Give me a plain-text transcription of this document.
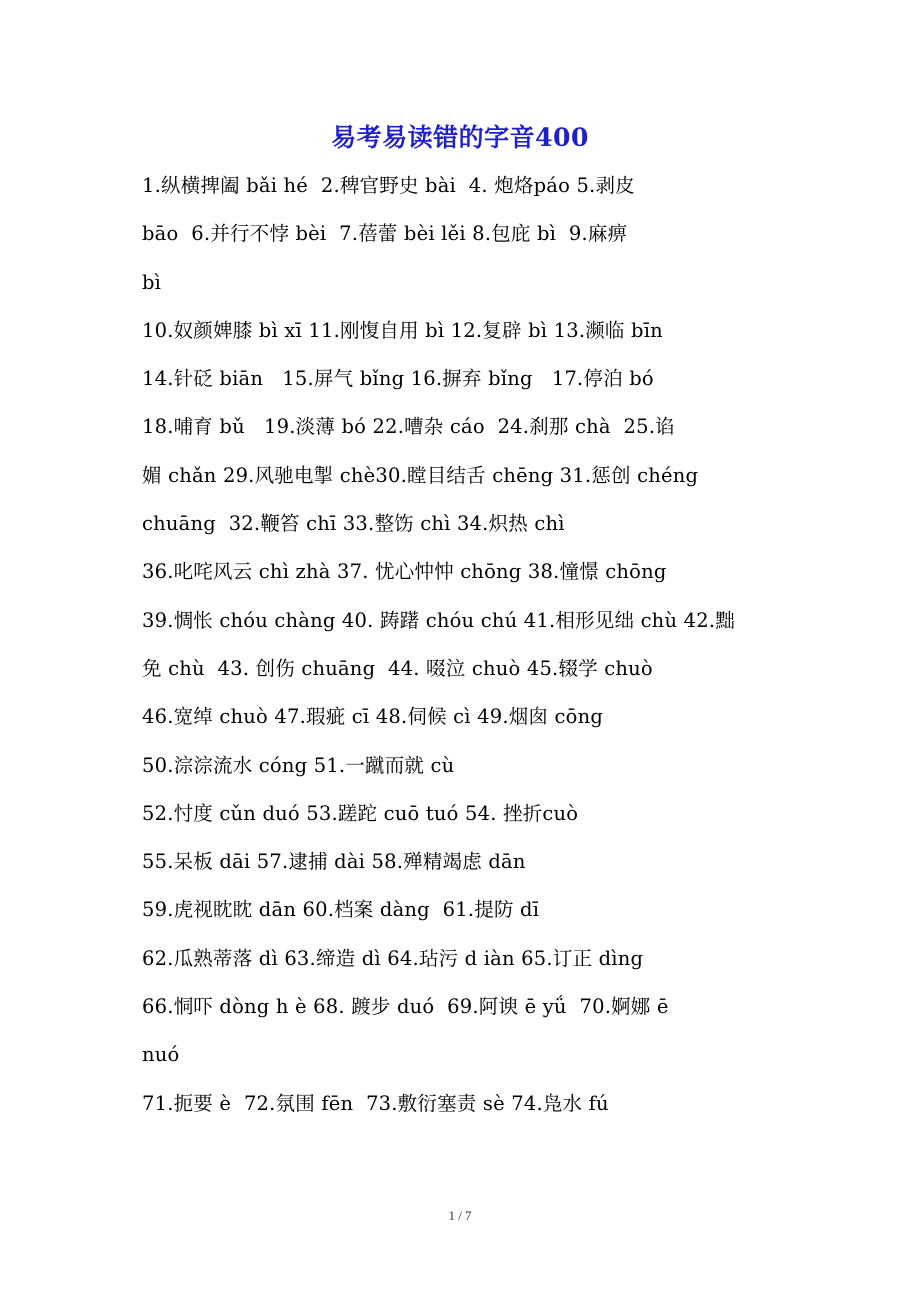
易考易读错的字音400
1.纵横捭阖 bǎi hé  2.稗官野史 bài  4. 炮烙páo 5.剥皮
bāo  6.并行不悖 bèi  7.蓓蕾 bèi lěi 8.包庇 bì  9.麻痹
bì
10.奴颜婢膝 bì xī 11.刚愎自用 bì 12.复辟 bì 13.濒临 bīn
14.针砭 biān   15.屏气 bǐng 16.摒弃 bǐng   17.停泊 bó
18.哺育 bǔ   19.淡薄 bó 22.嘈杂 cáo  24.刹那 chà  25.谄
媚 chǎn 29.风驰电掣 chè30.瞠目结舌 chēng 31.惩创 chéng
chuāng  32.鞭笞 chī 33.整饬 chì 34.炽热 chì
36.叱咤风云 chì zhà 37. 忧心忡忡 chōng 38.憧憬 chōng
39.惆怅 chóu chàng 40. 踌躇 chóu chú 41.相形见绌 chù 42.黜
免 chù  43. 创伤 chuāng  44. 啜泣 chuò 45.辍学 chuò
46.宽绰 chuò 47.瑕疵 cī 48.伺候 cì 49.烟囱 cōng
50.淙淙流水 cóng 51.一蹴而就 cù
52.忖度 cǔn duó 53.蹉跎 cuō tuó 54. 挫折cuò
55.呆板 dāi 57.逮捕 dài 58.殚精竭虑 dān
59.虎视眈眈 dān 60.档案 dàng  61.提防 dī
62.瓜熟蒂落 dì 63.缔造 dì 64.玷污 d iàn 65.订正 dìng
66.恫吓 dòng h è 68. 踱步 duó  69.阿谀 ē yǘ  70.婀娜 ē
nuó
71.扼要 è  72.氛围 fēn  73.敷衍塞责 sè 74.凫水 fú
1 / 7
